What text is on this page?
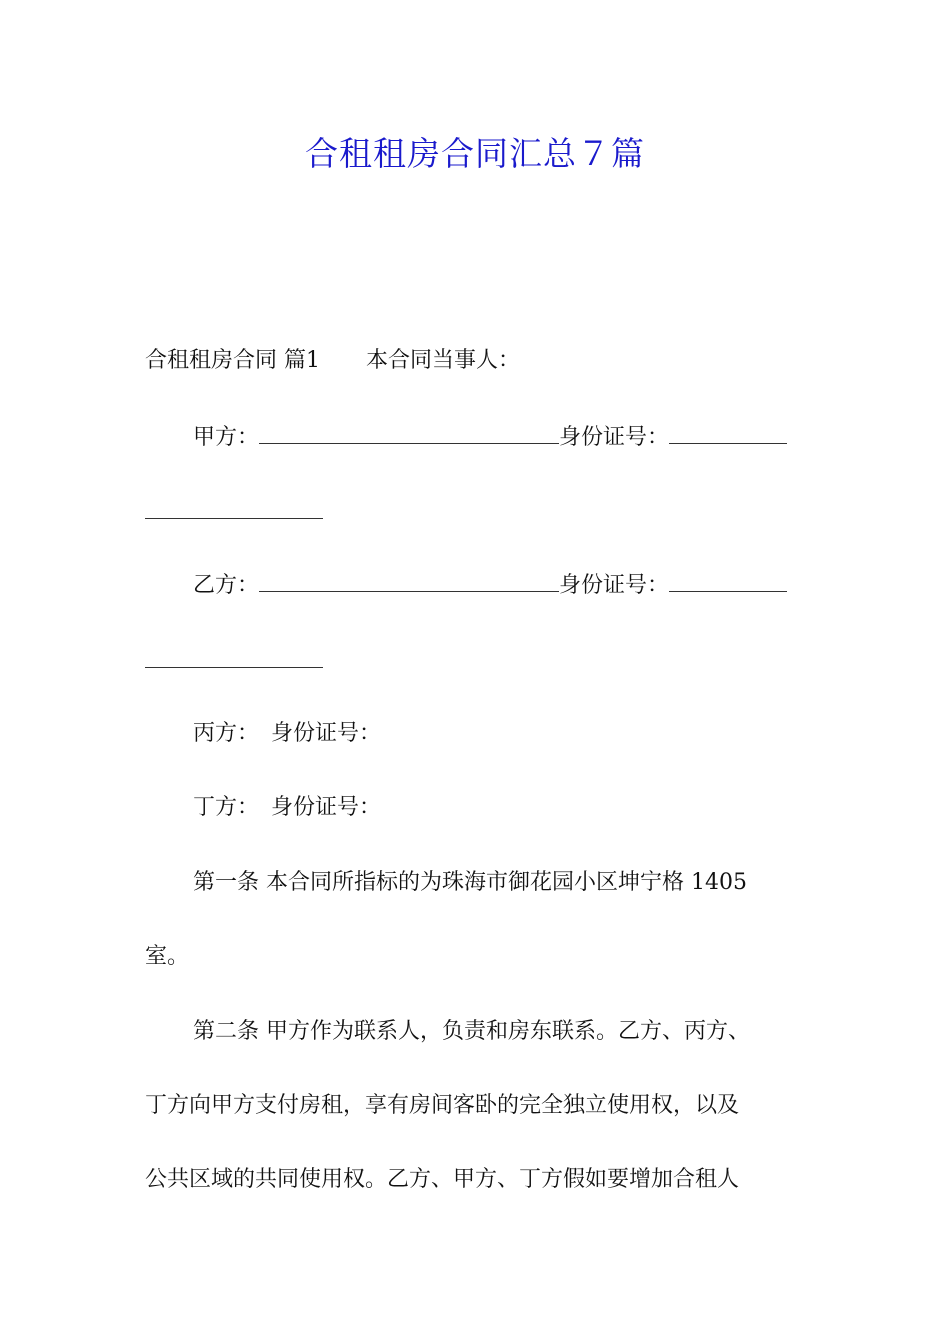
合租租房合同汇总７篇
合租租房合同 篇1 本合同当事人：
甲方：	身份证号：
乙方：	身份证号：
丙方： 身份证号：
丁方： 身份证号：
第一条 本合同所指标的为珠海市御花园小区坤宁格 1405
室。
第二条 甲方作为联系人，负责和房东联系。乙方、丙方、
丁方向甲方支付房租，享有房间客卧的完全独立使用权，以及
公共区域的共同使用权。乙方、甲方、丁方假如要增加合租人
